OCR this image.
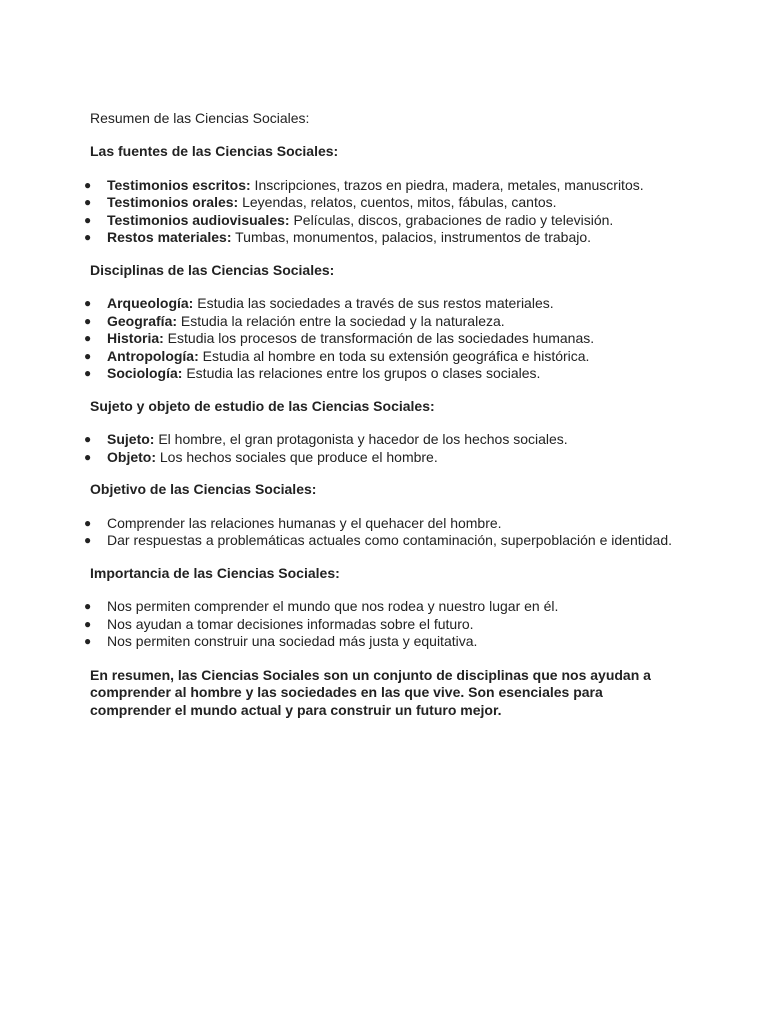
Resumen de las Ciencias Sociales:

Las fuentes de las Ciencias Sociales:

● Testimonios escritos: Inscripciones, trazos en piedra, madera, metales, manuscritos.
● Testimonios orales: Leyendas, relatos, cuentos, mitos, fábulas, cantos.
● Testimonios audiovisuales: Películas, discos, grabaciones de radio y televisión.
● Restos materiales: Tumbas, monumentos, palacios, instrumentos de trabajo.

Disciplinas de las Ciencias Sociales:

● Arqueología: Estudia las sociedades a través de sus restos materiales.
● Geografía: Estudia la relación entre la sociedad y la naturaleza.
● Historia: Estudia los procesos de transformación de las sociedades humanas.
● Antropología: Estudia al hombre en toda su extensión geográfica e histórica.
● Sociología: Estudia las relaciones entre los grupos o clases sociales.

Sujeto y objeto de estudio de las Ciencias Sociales:

● Sujeto: El hombre, el gran protagonista y hacedor de los hechos sociales.
● Objeto: Los hechos sociales que produce el hombre.

Objetivo de las Ciencias Sociales:

● Comprender las relaciones humanas y el quehacer del hombre.
● Dar respuestas a problemáticas actuales como contaminación, superpoblación e identidad.

Importancia de las Ciencias Sociales:

● Nos permiten comprender el mundo que nos rodea y nuestro lugar en él.
● Nos ayudan a tomar decisiones informadas sobre el futuro.
● Nos permiten construir una sociedad más justa y equitativa.

En resumen, las Ciencias Sociales son un conjunto de disciplinas que nos ayudan a comprender al hombre y las sociedades en las que vive. Son esenciales para comprender el mundo actual y para construir un futuro mejor.
